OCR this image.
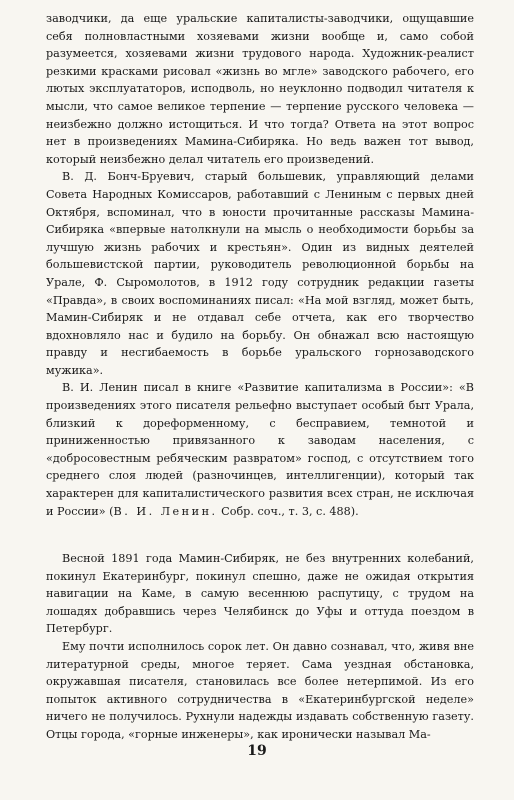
заводчики, да еще уральские капиталисты-заводчики, ощущавшие себя полновластными хозяевами жизни вообще и, само собой разумеется, хозяевами жизни трудового народа. Художник-реалист резкими красками рисовал «жизнь во мгле» заводского рабочего, его лютых эксплуататоров, исподволь, но неуклонно подводил читателя к мысли, что самое великое терпение — терпение русского человека — неизбежно должно истощиться. И что тогда? Ответа на этот вопрос нет в произведениях Мамина-Сибиряка. Но ведь важен тот вывод, который неизбежно делал читатель его произведений.

В. Д. Бонч-Бруевич, старый большевик, управляющий делами Совета Народных Комиссаров, работавший с Лениным с первых дней Октября, вспоминал, что в юности прочитанные рассказы Мамина-Сибиряка «впервые натолкнули на мысль о необходимости борьбы за лучшую жизнь рабочих и крестьян». Один из видных деятелей большевистской партии, руководитель революционной борьбы на Урале, Ф. Сыромолотов, в 1912 году сотрудник редакции газеты «Правда», в своих воспоминаниях писал: «На мой взгляд, может быть, Мамин-Сибиряк и не отдавал себе отчета, как его творчество вдохновляло нас и будило на борьбу. Он обнажал всю настоящую правду и несгибаемость в борьбе уральского горнозаводского мужика».

В. И. Ленин писал в книге «Развитие капитализма в России»: «В произведениях этого писателя рельефно выступает особый быт Урала, близкий к дореформенному, с бесправием, темнотой и приниженностью привязанного к заводам населения, с «добросовестным ребяческим развратом» господ, с отсутствием того среднего слоя людей (разночинцев, интеллигенции), который так характерен для капиталистического развития всех стран, не исключая и России» (В. И. Ленин. Собр. соч., т. 3, с. 488).

Весной 1891 года Мамин-Сибиряк, не без внутренних колебаний, покинул Екатеринбург, покинул спешно, даже не ожидая открытия навигации на Каме, в самую весеннюю распутицу, с трудом на лошадях добравшись через Челябинск до Уфы и оттуда поездом в Петербург.

Ему почти исполнилось сорок лет. Он давно сознавал, что, живя вне литературной среды, многое теряет. Сама уездная обстановка, окружавшая писателя, становилась все более нетерпимой. Из его попыток активного сотрудничества в «Екатеринбургской неделе» ничего не получилось. Рухнули надежды издавать собственную газету. Отцы города, «горные инженеры», как иронически называл Ма-

19
